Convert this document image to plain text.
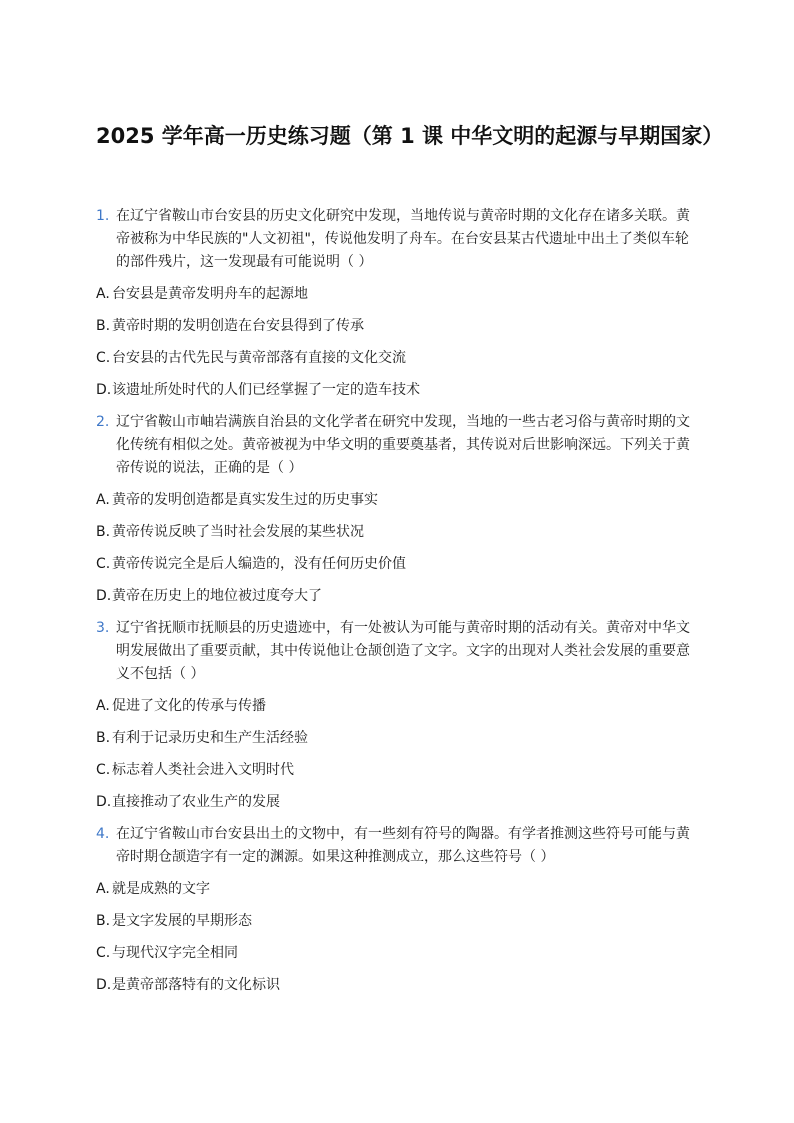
2025 学年高一历史练习题（第 1 课 中华文明的起源与早期国家）
1. 在辽宁省鞍山市台安县的历史文化研究中发现，当地传说与黄帝时期的文化存在诸多关联。黄帝被称为中华民族的"人文初祖"，传说他发明了舟车。在台安县某古代遗址中出土了类似车轮的部件残片，这一发现最有可能说明（ ）
A. 台安县是黄帝发明舟车的起源地
B. 黄帝时期的发明创造在台安县得到了传承
C. 台安县的古代先民与黄帝部落有直接的文化交流
D. 该遗址所处时代的人们已经掌握了一定的造车技术
2. 辽宁省鞍山市岫岩满族自治县的文化学者在研究中发现，当地的一些古老习俗与黄帝时期的文化传统有相似之处。黄帝被视为中华文明的重要奠基者，其传说对后世影响深远。下列关于黄帝传说的说法，正确的是（ ）
A. 黄帝的发明创造都是真实发生过的历史事实
B. 黄帝传说反映了当时社会发展的某些状况
C. 黄帝传说完全是后人编造的，没有任何历史价值
D. 黄帝在历史上的地位被过度夸大了
3. 辽宁省抚顺市抚顺县的历史遗迹中，有一处被认为可能与黄帝时期的活动有关。黄帝对中华文明发展做出了重要贡献，其中传说他让仓颉创造了文字。文字的出现对人类社会发展的重要意义不包括（ ）
A. 促进了文化的传承与传播
B. 有利于记录历史和生产生活经验
C. 标志着人类社会进入文明时代
D. 直接推动了农业生产的发展
4. 在辽宁省鞍山市台安县出土的文物中，有一些刻有符号的陶器。有学者推测这些符号可能与黄帝时期仓颉造字有一定的渊源。如果这种推测成立，那么这些符号（ ）
A. 就是成熟的文字
B. 是文字发展的早期形态
C. 与现代汉字完全相同
D. 是黄帝部落特有的文化标识
